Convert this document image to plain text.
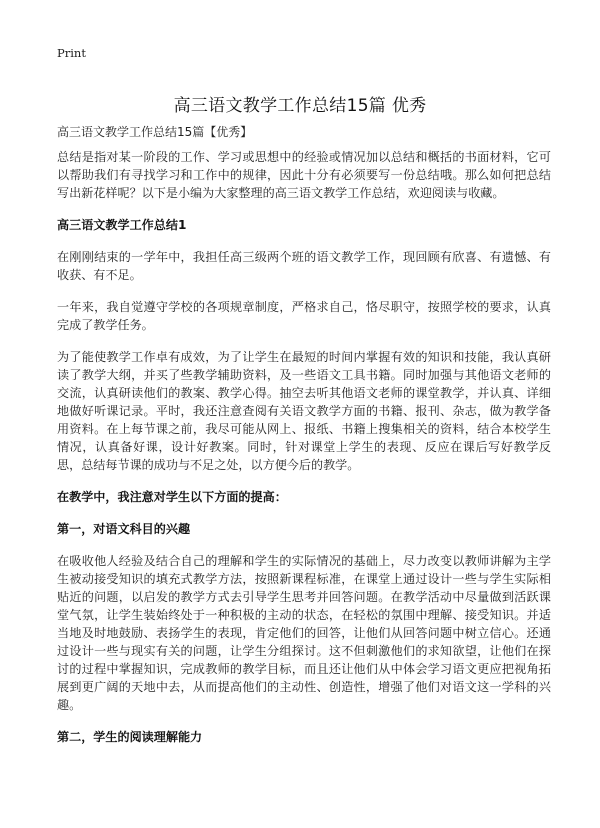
Print
高三语文教学工作总结15篇 优秀
高三语文教学工作总结15篇【优秀】

总结是指对某一阶段的工作、学习或思想中的经验或情况加以总结和概括的书面材料，它可以帮助我们有寻找学习和工作中的规律，因此十分有必须要写一份总结哦。那么如何把总结写出新花样呢？以下是小编为大家整理的高三语文教学工作总结，欢迎阅读与收藏。

高三语文教学工作总结1

在刚刚结束的一学年中，我担任高三级两个班的语文教学工作，现回顾有欣喜、有遗憾、有收获、有不足。

一年来，我自觉遵守学校的各项规章制度，严格求自己，恪尽职守，按照学校的要求，认真完成了教学任务。

为了能使教学工作卓有成效，为了让学生在最短的时间内掌握有效的知识和技能，我认真研读了教学大纲，并买了些教学辅助资料，及一些语文工具书籍。同时加强与其他语文老师的交流，认真研读他们的教案、教学心得。抽空去听其他语文老师的课堂教学，并认真、详细地做好听课记录。平时，我还注意查阅有关语文教学方面的书籍、报刊、杂志，做为教学备用资料。在上每节课之前，我尽可能从网上、报纸、书籍上搜集相关的资料，结合本校学生情况，认真备好课，设计好教案。同时，针对课堂上学生的表现、反应在课后写好教学反思，总结每节课的成功与不足之处，以方便今后的教学。

在教学中，我注意对学生以下方面的提高：
第一，对语文科目的兴趣

在吸收他人经验及结合自己的理解和学生的实际情况的基础上，尽力改变以教师讲解为主学生被动接受知识的填充式教学方法，按照新课程标准，在课堂上通过设计一些与学生实际相贴近的问题，以启发的教学方式去引导学生思考并回答问题。在教学活动中尽量做到活跃课堂气氛，让学生装始终处于一种积极的主动的状态，在轻松的氛围中理解、接受知识。并适当地及时地鼓励、表扬学生的表现，肯定他们的回答，让他们从回答问题中树立信心。还通过设计一些与现实有关的问题，让学生分组探讨。这不但刺激他们的求知欲望，让他们在探讨的过程中掌握知识，完成教师的教学目标，而且还让他们从中体会学习语文更应把视角拓展到更广阔的天地中去，从而提高他们的主动性、创造性，增强了他们对语文这一学科的兴趣。

第二，学生的阅读理解能力
